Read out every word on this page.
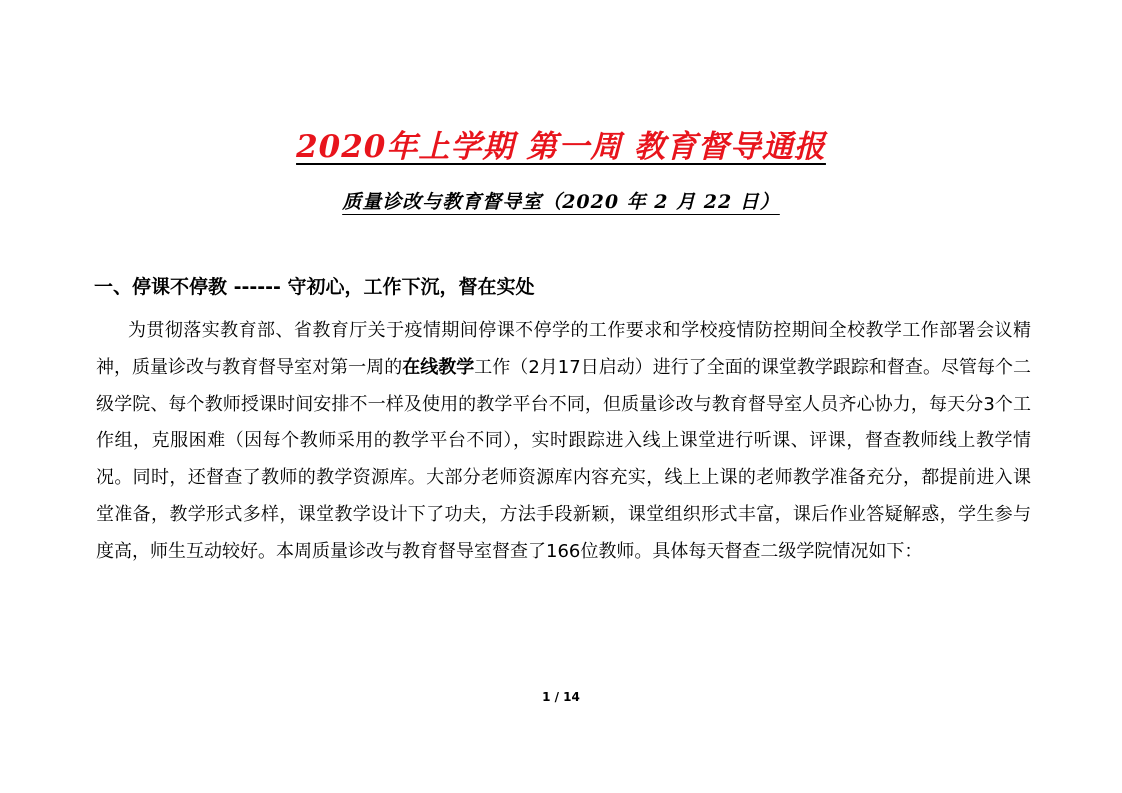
2020年上学期 第一周 教育督导通报
质量诊改与教育督导室（2020 年 2 月 22 日）
一、停课不停教 ------ 守初心，工作下沉，督在实处

为贯彻落实教育部、省教育厅关于疫情期间停课不停学的工作要求和学校疫情防控期间全校教学工作部署会议精神，质量诊改与教育督导室对第一周的在线教学工作（2月17日启动）进行了全面的课堂教学跟踪和督查。尽管每个二级学院、每个教师授课时间安排不一样及使用的教学平台不同，但质量诊改与教育督导室人员齐心协力，每天分3个工作组，克服困难（因每个教师采用的教学平台不同），实时跟踪进入线上课堂进行听课、评课，督查教师线上教学情况。同时，还督查了教师的教学资源库。大部分老师资源库内容充实，线上上课的老师教学准备充分，都提前进入课堂准备，教学形式多样，课堂教学设计下了功夫，方法手段新颖，课堂组织形式丰富，课后作业答疑解惑，学生参与度高，师生互动较好。本周质量诊改与教育督导室督查了166位教师。具体每天督查二级学院情况如下：

1 / 14
